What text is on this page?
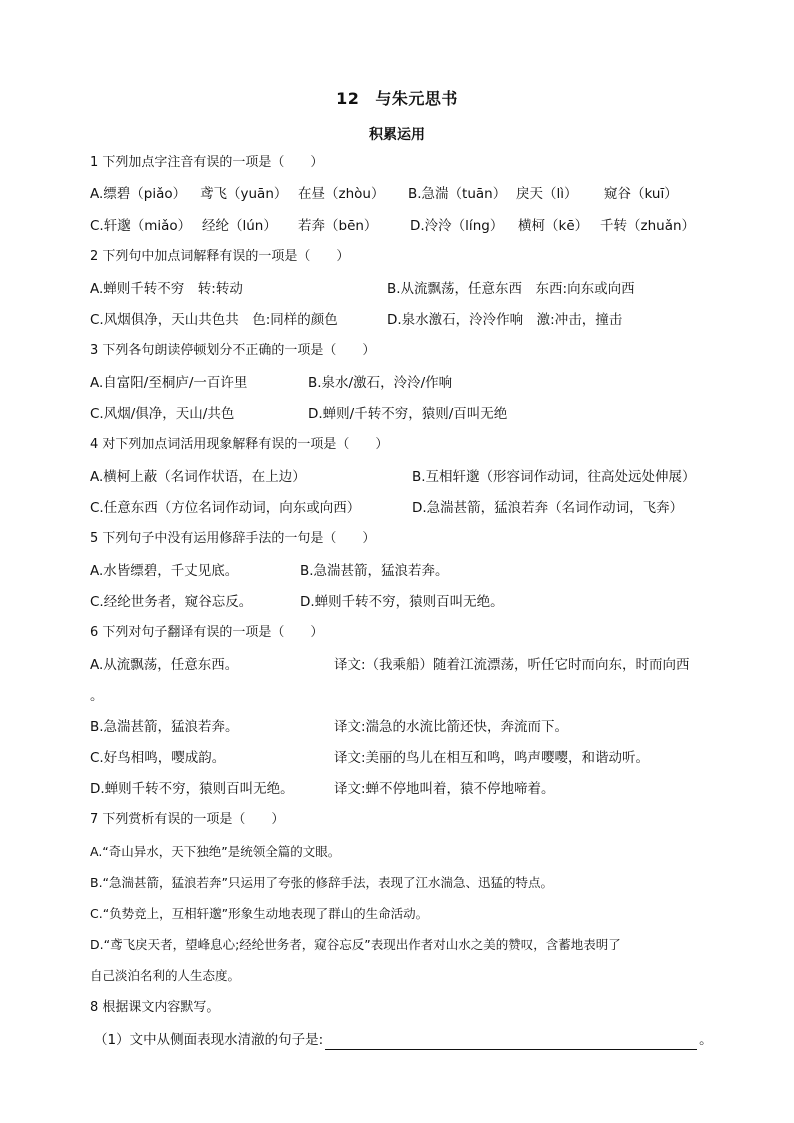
12 与朱元思书
积累运用
1 下列加点字注音有误的一项是（　　）
A.缥碧（piǎo） 鸢飞（yuān） 在昼（zhòu） B.急湍（tuān） 戾天（lì） 窥谷（kuī）
C.轩邈（miǎo） 经纶（lún） 若奔（bēn） D.泠泠（líng） 横柯（kē） 千转（zhuǎn）
2 下列句中加点词解释有误的一项是（　　）
A.蝉则千转不穷　转:转动	B.从流飘荡，任意东西　东西:向东或向西
C.风烟俱净，天山共色共　色:同样的颜色	D.泉水激石，泠泠作响　激:冲击，撞击
3 下列各句朗读停顿划分不正确的一项是（　　）
A.自富阳/至桐庐/一百许里	B.泉水/激石，泠泠/作响
C.风烟/俱净，天山/共色	D.蝉则/千转不穷，猿则/百叫无绝
4 对下列加点词活用现象解释有误的一项是（　　）
A.横柯上蔽（名词作状语，在上边）	B.互相轩邈（形容词作动词，往高处远处伸展）
C.任意东西（方位名词作动词，向东或向西）	D.急湍甚箭，猛浪若奔（名词作动词，飞奔）
5 下列句子中没有运用修辞手法的一句是（　　）
A.水皆缥碧，千丈见底。	B.急湍甚箭，猛浪若奔。
C.经纶世务者，窥谷忘反。	D.蝉则千转不穷，猿则百叫无绝。
6 下列对句子翻译有误的一项是（　　）
A.从流飘荡，任意东西。	译文:（我乘船）随着江流漂荡，听任它时而向东，时而向西
。
B.急湍甚箭，猛浪若奔。	译文:湍急的水流比箭还快，奔流而下。
C.好鸟相鸣，嘤成韵。	译文:美丽的鸟儿在相互和鸣，鸣声嘤嘤，和谐动听。
D.蝉则千转不穷，猿则百叫无绝。	译文:蝉不停地叫着，猿不停地啼着。
7 下列赏析有误的一项是（　　）
A.“奇山异水，天下独绝”是统领全篇的文眼。
B.“急湍甚箭，猛浪若奔”只运用了夸张的修辞手法，表现了江水湍急、迅猛的特点。
C.“负势竞上，互相轩邈”形象生动地表现了群山的生命活动。
D.“鸢飞戾天者，望峰息心;经纶世务者，窥谷忘反”表现出作者对山水之美的赞叹，含蓄地表明了
自己淡泊名利的人生态度。
8 根据课文内容默写。
（1）文中从侧面表现水清澈的句子是:	。
